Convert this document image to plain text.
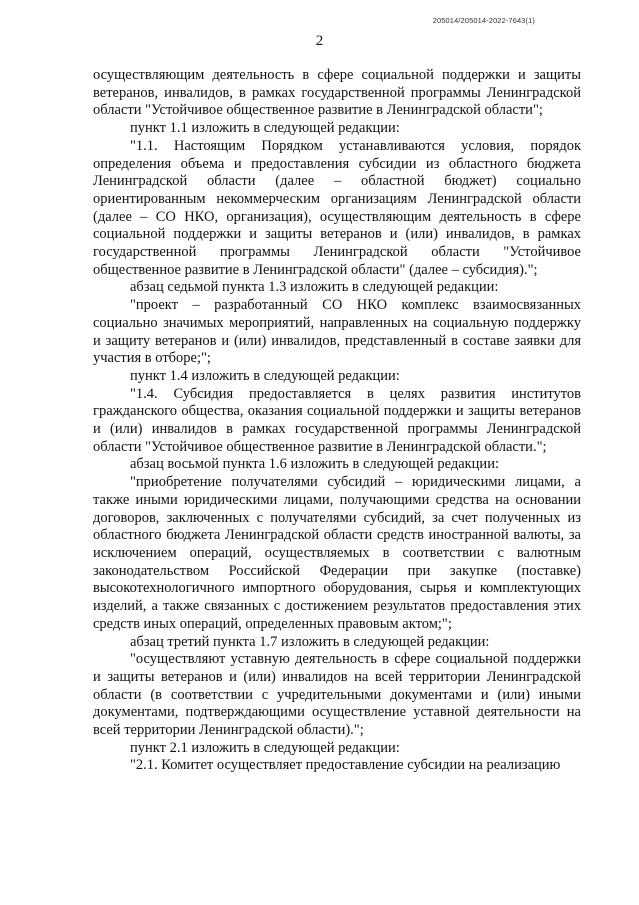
205014/205014-2022-7643(1)
2

осуществляющим деятельность в сфере социальной поддержки и защиты ветеранов, инвалидов, в рамках государственной программы Ленинградской области "Устойчивое общественное развитие в Ленинградской области";

пункт 1.1 изложить в следующей редакции:

"1.1. Настоящим Порядком устанавливаются условия, порядок определения объема и предоставления субсидии из областного бюджета Ленинградской области (далее – областной бюджет) социально ориентированным некоммерческим организациям Ленинградской области (далее – СО НКО, организация), осуществляющим деятельность в сфере социальной поддержки и защиты ветеранов и (или) инвалидов, в рамках государственной программы Ленинградской области "Устойчивое общественное развитие в Ленинградской области" (далее – субсидия).";

абзац седьмой пункта 1.3 изложить в следующей редакции:

"проект – разработанный СО НКО комплекс взаимосвязанных социально значимых мероприятий, направленных на социальную поддержку и защиту ветеранов и (или) инвалидов, представленный в составе заявки для участия в отборе;";

пункт 1.4 изложить в следующей редакции:

"1.4. Субсидия предоставляется в целях развития институтов гражданского общества, оказания социальной поддержки и защиты ветеранов и (или) инвалидов в рамках государственной программы Ленинградской области "Устойчивое общественное развитие в Ленинградской области.";

абзац восьмой пункта 1.6 изложить в следующей редакции:

"приобретение получателями субсидий – юридическими лицами, а также иными юридическими лицами, получающими средства на основании договоров, заключенных с получателями субсидий, за счет полученных из областного бюджета Ленинградской области средств иностранной валюты, за исключением операций, осуществляемых в соответствии с валютным законодательством Российской Федерации при закупке (поставке) высокотехнологичного импортного оборудования, сырья и комплектующих изделий, а также связанных с достижением результатов предоставления этих средств иных операций, определенных правовым актом;";

абзац третий пункта 1.7 изложить в следующей редакции:

"осуществляют уставную деятельность в сфере социальной поддержки и защиты ветеранов и (или) инвалидов на всей территории Ленинградской области (в соответствии с учредительными документами и (или) иными документами, подтверждающими осуществление уставной деятельности на всей территории Ленинградской области).";

пункт 2.1 изложить в следующей редакции:

"2.1. Комитет осуществляет предоставление субсидии на реализацию
